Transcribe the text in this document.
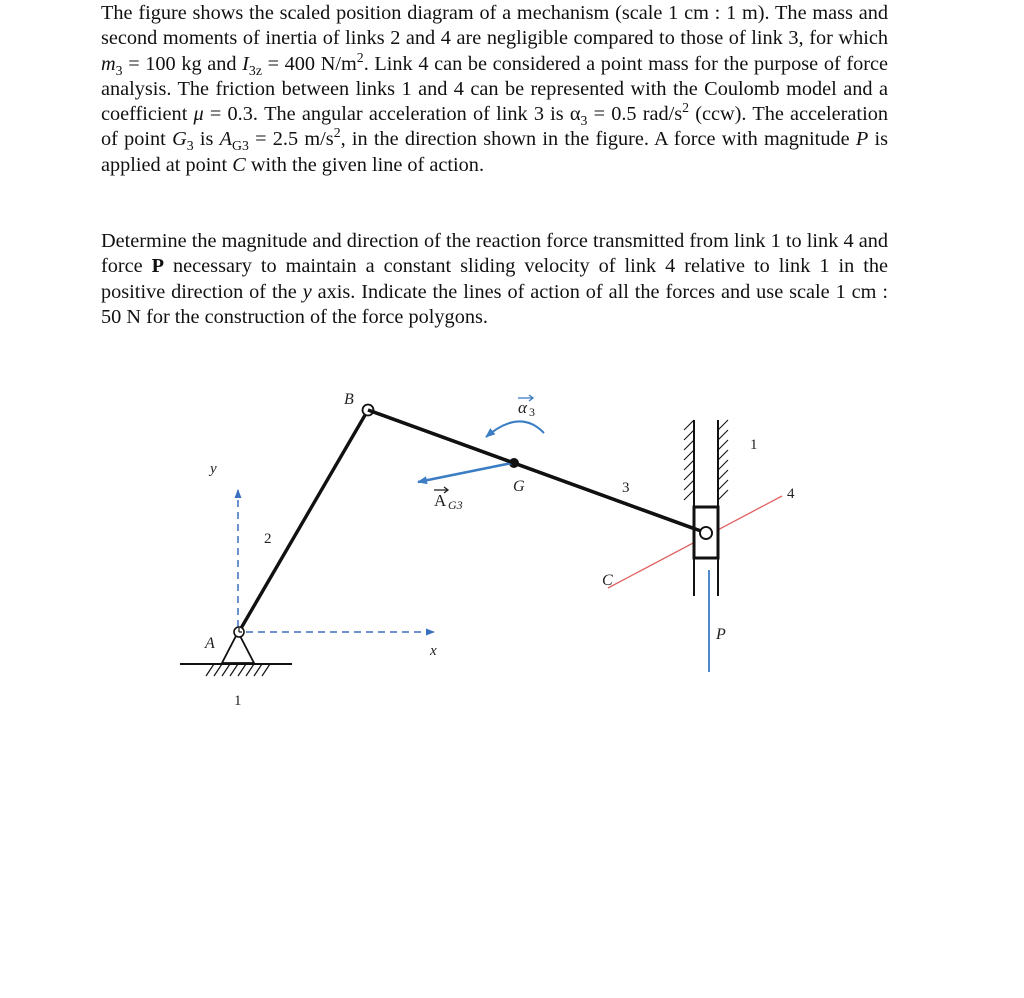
The figure shows the scaled position diagram of a mechanism (scale 1 cm : 1 m). The mass and second moments of inertia of links 2 and 4 are negligible compared to those of link 3, for which $m_3 = 100$ kg and $I_{3z} = 400$ $N/m^2$. Link 4 can be considered a point mass for the purpose of force analysis. The friction between links 1 and 4 can be represented with the Coulomb model and a coefficient μ = 0.3. The angular acceleration of link 3 is $\alpha_3 = 0.5$ rad/$s^2$ (ccw). The acceleration of point $G_3$ is $A_{G3} = 2.5$ $m/s^2$, in the direction shown in the figure. A force with magnitude P is applied at point C with the given line of action.

Determine the magnitude and direction of the reaction force transmitted from link 1 to link 4 and force P necessary to maintain a constant sliding velocity of link 4 relative to link 1 in the positive direction of the y axis. Indicate the lines of action of all the forces and use scale 1 cm : 50 N for the construction of the force polygons.

y
x
B
A
G
C
P
2
3	4
1
1
α 3
A G3
